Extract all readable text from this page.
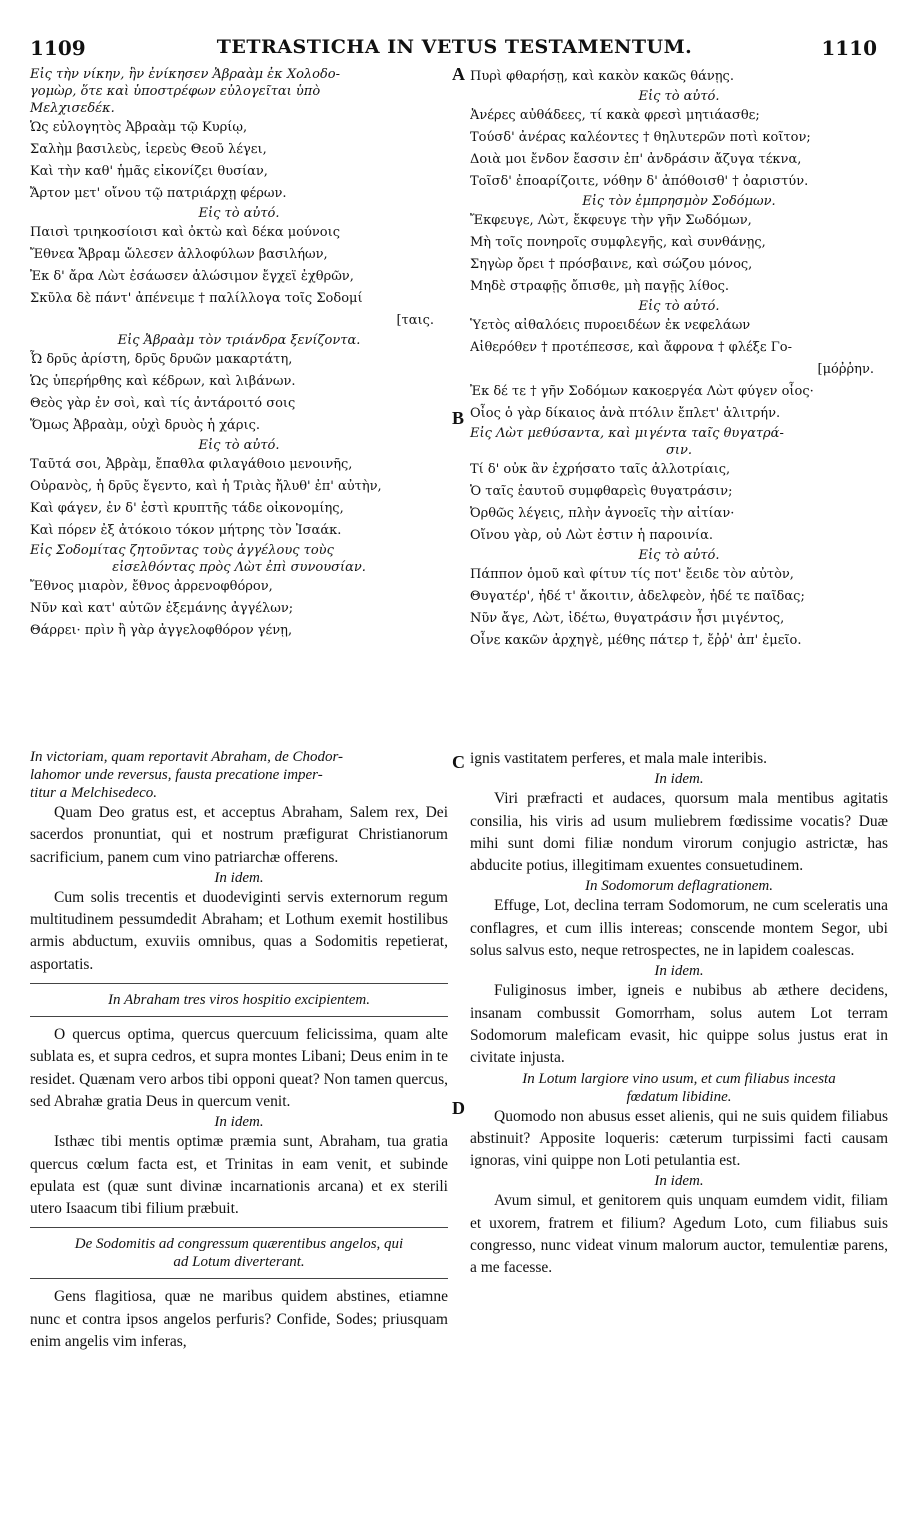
1109	TETRASTICHA IN VETUS TESTAMENTUM.	1110
A
B
C
D
Εἰς τὴν νίκην, ἣν ἐνίκησεν Ἀβραὰμ ἐκ Χολοδο-
γομὼρ, ὅτε καὶ ὑποστρέφων εὐλογεῖται ὑπὸ
Μελχισεδέκ.
Ὡς εὐλογητὸς Ἀβραὰμ τῷ Κυρίῳ,
Σαλὴμ βασιλεὺς, ἱερεὺς Θεοῦ λέγει,
Καὶ τὴν καθ' ἡμᾶς εἰκονίζει θυσίαν,
Ἄρτον μετ' οἴνου τῷ πατριάρχῃ φέρων.
Εἰς τὸ αὐτό.
Παισὶ τριηκοσίοισι καὶ ὀκτὼ καὶ δέκα μούνοις
Ἔθνεα Ἄβραμ ὤλεσεν ἀλλοφύλων βασιλήων,
Ἐκ δ' ἄρα Λὼτ ἐσάωσεν ἁλώσιμον ἔγχεϊ ἐχθρῶν,
Σκῦλα δὲ πάντ' ἀπένειμε † παλίλλογα τοῖς Σοδομί
[ταις.
Εἰς Ἀβραὰμ τὸν τριάνδρα ξενίζοντα.
Ὦ δρῦς ἀρίστη, δρῦς δρυῶν μακαρτάτη,
Ὡς ὑπερήρθης καὶ κέδρων, καὶ λιβάνων.
Θεὸς γὰρ ἐν σοὶ, καὶ τίς ἀντάροιτό σοις
Ὅμως Ἀβραὰμ, οὐχὶ δρυὸς ἡ χάρις.
Εἰς τὸ αὐτό.
Ταῦτά σοι, Ἀβρὰμ, ἔπαθλα φιλαγάθοιο μενοινῆς,
Οὐρανὸς, ἡ δρῦς ἔγεντο, καὶ ἡ Τριὰς ἤλυθ' ἐπ' αὐτὴν,
Καὶ φάγεν, ἐν δ' ἐστὶ κρυπτῆς τάδε οἰκονομίης,
Καὶ πόρεν ἐξ ἀτόκοιο τόκον μήτρης τὸν Ἰσαάκ.
Εἰς Σοδομίτας ζητοῦντας τοὺς ἀγγέλους τοὺς
εἰσελθόντας πρὸς Λὼτ ἐπὶ συνουσίαν.
Ἔθνος μιαρὸν, ἔθνος ἀρρενοφθόρον,
Νῦν καὶ κατ' αὐτῶν ἐξεμάνης ἀγγέλων;
Θάρρει· πρὶν ἢ γὰρ ἀγγελοφθόρον γένῃ,
Πυρὶ φθαρήσῃ, καὶ κακὸν κακῶς θάνῃς.
Εἰς τὸ αὐτό.
Ἀνέρες αὐθάδεες, τί κακὰ φρεσὶ μητιάασθε;
Τούσδ' ἀνέρας καλέοντες † θηλυτερῶν ποτὶ κοῖτον;
Δοιὰ μοι ἔνδον ἔασσιν ἐπ' ἀνδράσιν ἄζυγα τέκνα,
Τοῖσδ' ἐποαρίζοιτε, νόθην δ' ἀπόθοισθ' † ὀαριστύν.
Εἰς τὸν ἐμπρησμὸν Σοδόμων.
Ἔκφευγε, Λὼτ, ἔκφευγε τὴν γῆν Σωδόμων,
Μὴ τοῖς πονηροῖς συμφλεγῆς, καὶ συνθάνῃς,
Σηγὼρ ὄρει † πρόσβαινε, καὶ σώζου μόνος,
Μηδὲ στραφῇς ὄπισθε, μὴ παγῇς λίθος.
Εἰς τὸ αὐτό.
Ὑετὸς αἰθαλόεις πυροειδέων ἐκ νεφελάων
Αἰθερόθεν † προτέπεσσε, καὶ ἄφρονα † φλέξε Γο-
[μόῤῥην.
Ἐκ δέ τε † γῆν Σοδόμων κακοεργέα Λὼτ φύγεν οἶος·
Οἶος ὁ γὰρ δίκαιος ἀνὰ πτόλιν ἔπλετ' ἀλιτρήν.
Εἰς Λὼτ μεθύσαντα, καὶ μιγέντα ταῖς θυγατρά-
σιν.
Τί δ' οὐκ ἂν ἐχρήσατο ταῖς ἀλλοτρίαις,
Ὁ ταῖς ἑαυτοῦ συμφθαρεὶς θυγατράσιν;
Ὀρθῶς λέγεις, πλὴν ἀγνοεῖς τὴν αἰτίαν·
Οἴνου γὰρ, οὐ Λὼτ ἐστιν ἡ παροινία.
Εἰς τὸ αὐτό.
Πάππον ὁμοῦ καὶ φίτυν τίς ποτ' ἔειδε τὸν αὐτὸν,
Θυγατέρ', ἠδέ τ' ἄκοιτιν, ἀδελφεὸν, ἠδέ τε παῖδας;
Νῦν ἄγε, Λὼτ, ἰδέτω, θυγατράσιν ἦσι μιγέντος,
Οἶνε κακῶν ἀρχηγὲ, μέθης πάτερ †, ἔῤῥ' ἀπ' ἐμεῖο.

In victoriam, quam reportavit Abraham, de Chodor-

lahomor unde reversus, fausta precatione imper-

titur a Melchisedeco.

Quam Deo gratus est, et acceptus Abraham, Salem rex, Dei sacerdos pronuntiat, qui et nostrum præfigurat Christianorum sacrificium, panem cum vino patriarchæ offerens.

In idem.

Cum solis trecentis et duodeviginti servis externorum regum multitudinem pessumdedit Abraham; et Lothum exemit hostilibus armis abductum, exuviis omnibus, quas a Sodomitis repetierat, asportatis.

In Abraham tres viros hospitio excipientem.

O quercus optima, quercus quercuum felicissima, quam alte sublata es, et supra cedros, et supra montes Libani; Deus enim in te residet. Quænam vero arbos tibi opponi queat? Non tamen quercus, sed Abrahæ gratia Deus in quercum venit.

In idem.

Isthæc tibi mentis optimæ præmia sunt, Abraham, tua gratia quercus cœlum facta est, et Trinitas in eam venit, et subinde epulata est (quæ sunt divinæ incarnationis arcana) et ex sterili utero Isaacum tibi filium præbuit.

De Sodomitis ad congressum quærentibus angelos, qui

ad Lotum diverterant.

Gens flagitiosa, quæ ne maribus quidem abstines, etiamne nunc et contra ipsos angelos perfuris? Confide, Sodes; priusquam enim angelis vim inferas,

ignis vastitatem perferes, et mala male interibis.

In idem.

Viri præfracti et audaces, quorsum mala mentibus agitatis consilia, his viris ad usum muliebrem fœdissime vocatis? Duæ mihi sunt domi filiæ nondum virorum conjugio astrictæ, has abducite potius, illegitimam exuentes consuetudinem.

In Sodomorum deflagrationem.

Effuge, Lot, declina terram Sodomorum, ne cum sceleratis una conflagres, et cum illis intereas; conscende montem Segor, ubi solus salvus esto, neque retrospectes, ne in lapidem coalescas.

In idem.

Fuliginosus imber, igneis e nubibus ab æthere decidens, insanam combussit Gomorrham, solus autem Lot terram Sodomorum maleficam evasit, hic quippe solus justus erat in civitate injusta.

In Lotum largiore vino usum, et cum filiabus incesta

fœdatum libidine.

Quomodo non abusus esset alienis, qui ne suis quidem filiabus abstinuit? Apposite loqueris: cæterum turpissimi facti causam ignoras, vini quippe non Loti petulantia est.

In idem.

Avum simul, et genitorem quis unquam eumdem vidit, filiam et uxorem, fratrem et filium? Agedum Loto, cum filiabus suis congresso, nunc videat vinum malorum auctor, temulentiæ parens, a me facesse.
